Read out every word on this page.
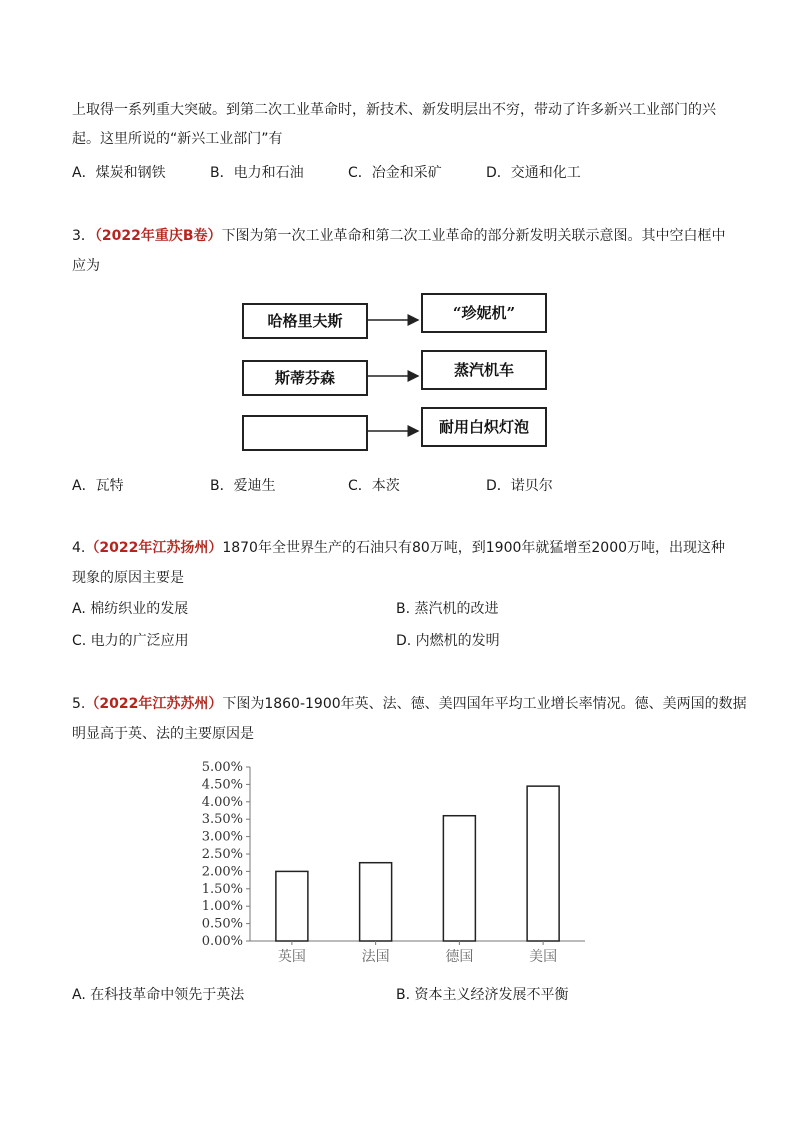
上取得一系列重大突破。到第二次工业革命时，新技术、新发明层出不穷，带动了许多新兴工业部门的兴
起。这里所说的“新兴工业部门”有
A．煤炭和钢铁	B．电力和石油	C．冶金和采矿	D．交通和化工
3．（2022年重庆B卷）下图为第一次工业革命和第二次工业革命的部分新发明关联示意图。其中空白框中
应为
哈格里夫斯	“珍妮机”
斯蒂芬森	蒸汽机车
耐用白炽灯泡
A．瓦特	B．爱迪生	C．本茨	D．诺贝尔
4.（2022年江苏扬州）1870年全世界生产的石油只有80万吨，到1900年就猛增至2000万吨，出现这种
现象的原因主要是
A. 棉纺织业的发展	B. 蒸汽机的改进
C. 电力的广泛应用	D. 内燃机的发明
5.（2022年江苏苏州）下图为1860-1900年英、法、德、美四国年平均工业增长率情况。德、美两国的数据
明显高于英、法的主要原因是
0.00%
0.50%
1.00%
1.50%
2.00%
2.50%
3.00%
3.50%
4.00%
4.50%
5.00%
英国	法国	德国	美国
A. 在科技革命中领先于英法	B. 资本主义经济发展不平衡
